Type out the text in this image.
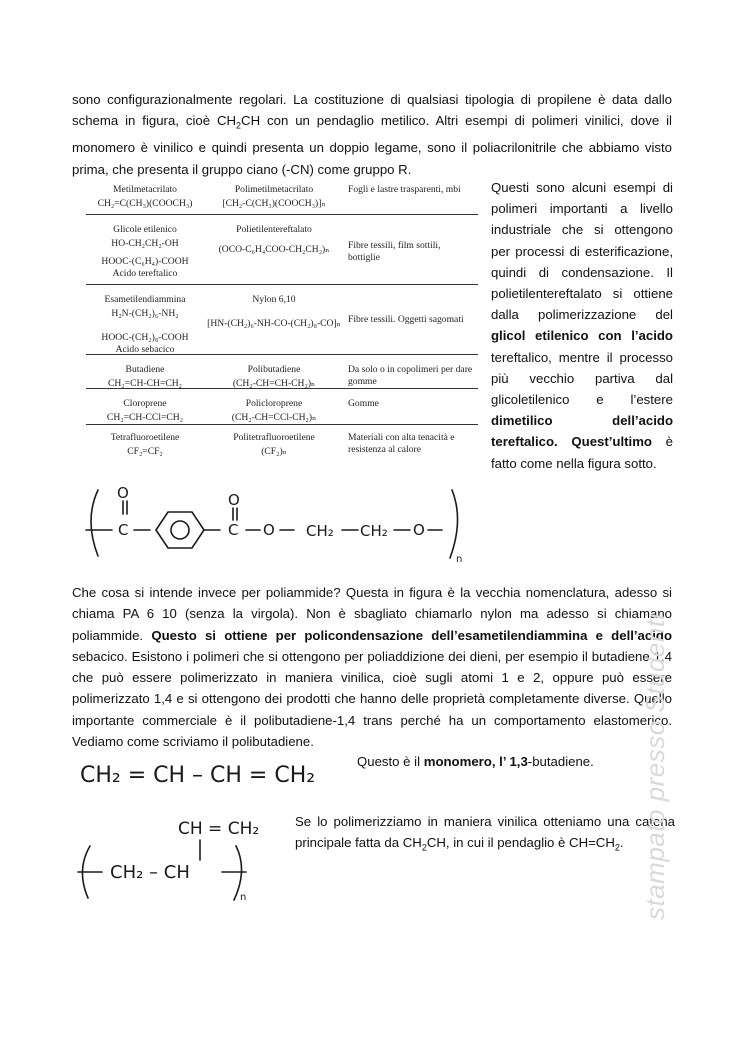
sono configurazionalmente regolari. La costituzione di qualsiasi tipologia di propilene è data dallo schema in figura, cioè $CH_2CH$ con un pendaglio metilico. Altri esempi di polimeri vinilici, dove il monomero è vinilico e quindi presenta un doppio legame, sono il poliacrilonitrile che abbiamo visto prima, che presenta il gruppo ciano (-CN) come gruppo R.
Metilmetacrilato
CH₂=C(CH₃)(COOCH₃)
Polimetilmetacrilato
[CH₂-C(CH₃)(COOCH₃)]ₙ
Fogli e lastre trasparenti, mbi
Glicole etilenico
HO-CH₂CH₂-OH
HOOC-(C₆H₄)-COOH
Acido tereftalico
Polietilentereftalato
(OCO-C₆H₄COO-CH₂CH₂)ₙ	Fibre tessili, film sottili, bottiglie
Esametilendiammina
H₂N-(CH₂)₆-NH₂
HOOC-(CH₂)₈-COOH
Acido sebacico
Nylon 6,10
[HN-(CH₂)₆-NH-CO-(CH₂)₈-CO]ₙ Fibre tessili. Oggetti sagomati
Butadiene
CH₂=CH-CH=CH₂
Polibutadiene
(CH₂-CH=CH-CH₂)ₙ
Da solo o in copolimeri per dare gomme
Cloroprene
CH₂=CH-CCl=CH₂
Policloroprene
(CH₂-CH=CCl-CH₂)ₙ
Gomme
Tetrafluoroetilene
CF₂=CF₂
Politetrafluoroetilene
(CF₂)ₙ
Materiali con alta tenacità e resistenza al calore
Questi sono alcuni esempi di polimeri importanti a livello industriale che si ottengono per processi di esterificazione, quindi di condensazione. Il polietilentereftalato si ottiene dalla polimerizzazione del glicol etilenico con l’acido tereftalico, mentre il processo più vecchio partiva dal glicoletilenico e l’estere dimetilico dell’acido tereftalico. Quest’ultimo è fatto come nella figura sotto.
O
C
O
C O CH₂ CH₂ O
n
Che cosa si intende invece per poliammide? Questa in figura è la vecchia nomenclatura, adesso si chiama PA 6 10 (senza la virgola). Non è sbagliato chiamarlo nylon ma adesso si chiamano poliammide. Questo si ottiene per policondensazione dell’esametilendiammina e dell’acido sebacico. Esistono i polimeri che si ottengono per poliaddizione dei dieni, per esempio il butadiene 1,4 che può essere polimerizzato in maniera vinilica, cioè sugli atomi 1 e 2, oppure può essere polimerizzato 1,4 e si ottengono dei prodotti che hanno delle proprietà completamente diverse. Quello importante commerciale è il polibutadiene-1,4 trans perché ha un comportamento elastomerico. Vediamo come scriviamo il polibutadiene.
CH₂ = CH – CH = CH₂
Questo è il monomero, l’ 1,3-butadiene.
Se lo polimerizziamo in maniera vinilica otteniamo una catena principale fatta da $CH_2CH$, in cui il pendaglio è $CH=CH_2$.
CH = CH₂
CH₂ – CH
n	stampato presso Studenti
